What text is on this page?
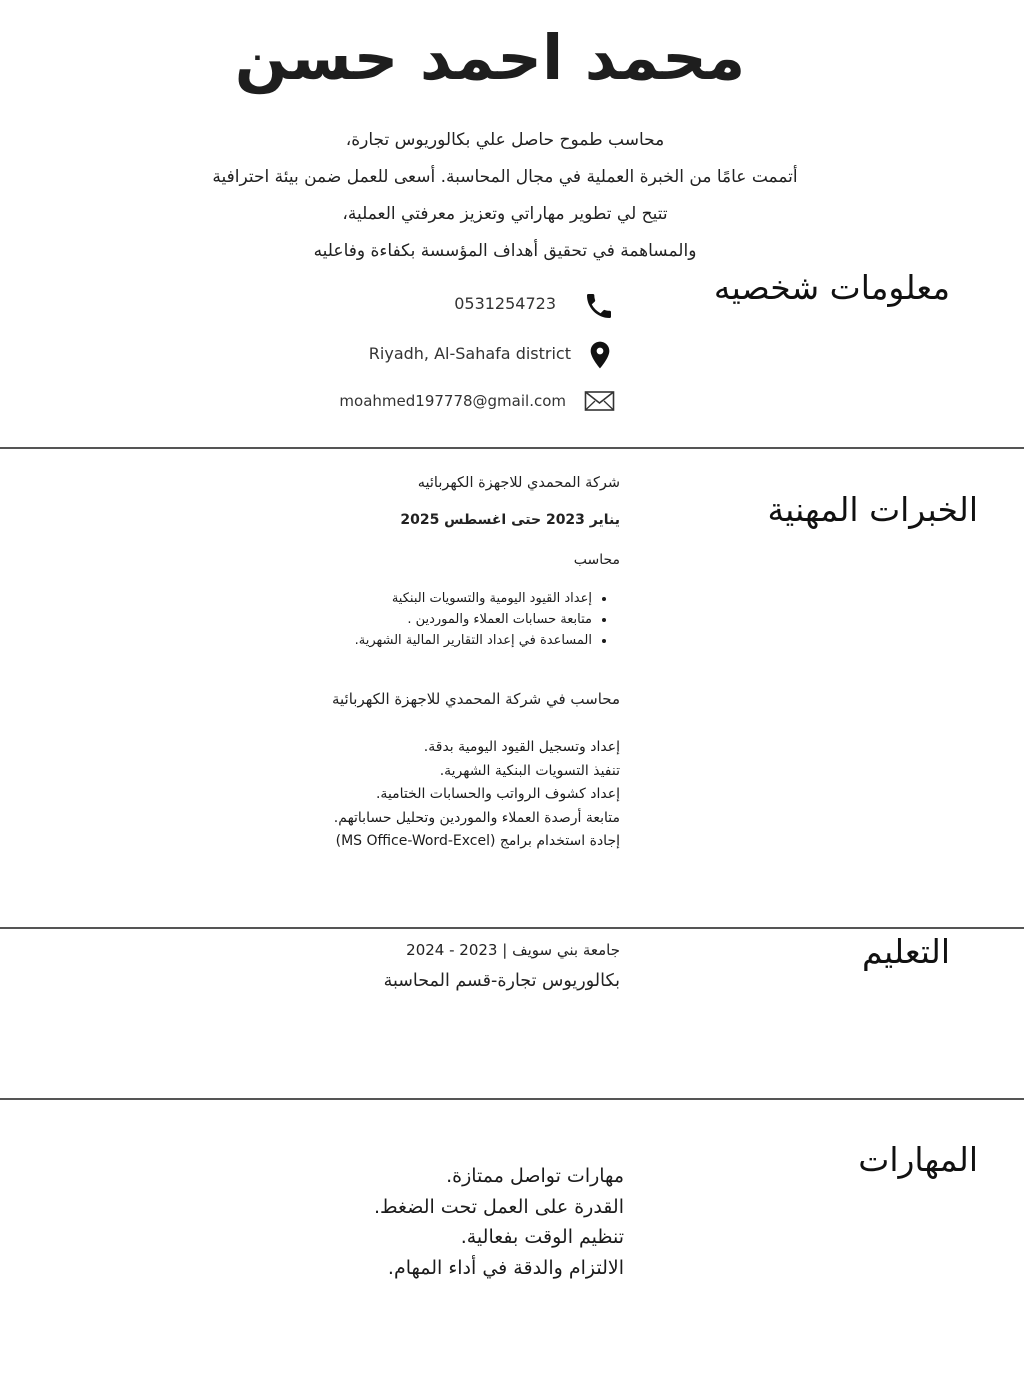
محمد احمد حسن
محاسب طموح حاصل علي بكالوريوس تجارة،
أتممت عامًا من الخبرة العملية في مجال المحاسبة. أسعى للعمل ضمن بيئة احترافية
تتيح لي تطوير مهاراتي وتعزيز معرفتي العملية،
والمساهمة في تحقيق أهداف المؤسسة بكفاءة وفاعليه
معلومات شخصيه
0531254723
Riyadh, Al-Sahafa district
moahmed197778@gmail.com
الخبرات المهنية
شركة المحمدي للاجهزة الكهربائيه
يناير 2023 حتى اغسطس 2025
محاسب
• إعداد القيود اليومية والتسويات البنكية
• متابعة حسابات العملاء والموردين .
• المساعدة في إعداد التقارير المالية الشهرية.
محاسب في شركة المحمدي للاجهزة الكهربائية
إعداد وتسجيل القيود اليومية بدقة.
تنفيذ التسويات البنكية الشهرية.
إعداد كشوف الرواتب والحسابات الختامية.
متابعة أرصدة العملاء والموردين وتحليل حساباتهم.
إجادة استخدام برامج (MS Office-Word-Excel)
التعليم
جامعة بني سويف | 2023 - 2024
بكالوريوس تجارة-قسم المحاسبة
المهارات
مهارات تواصل ممتازة.
القدرة على العمل تحت الضغط.
تنظيم الوقت بفعالية.
الالتزام والدقة في أداء المهام.
